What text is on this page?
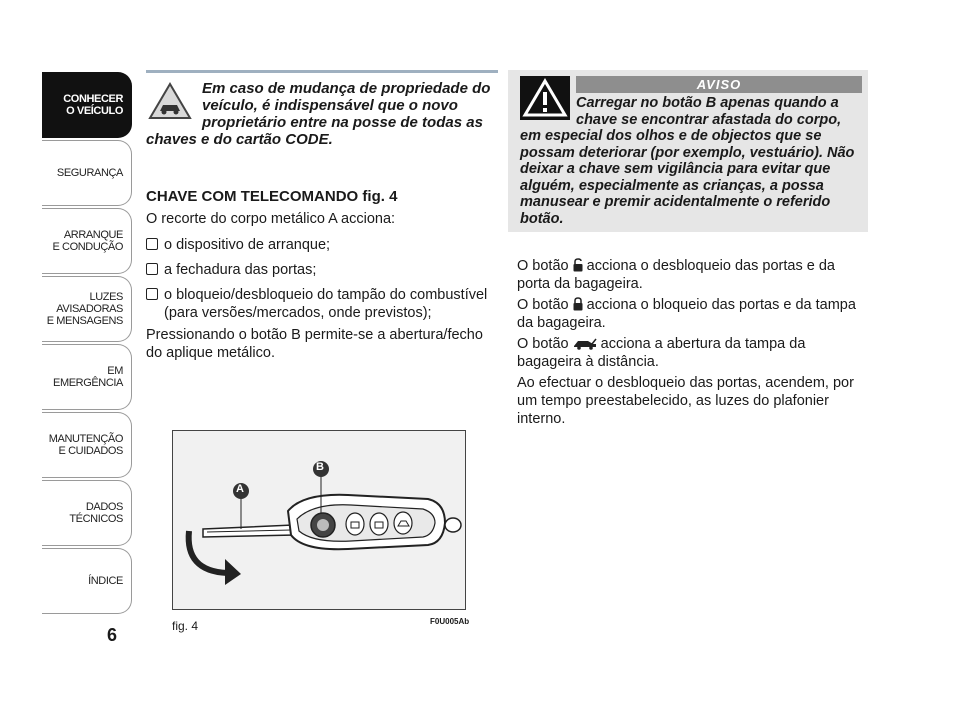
CONHECER
O VEÍCULO
SEGURANÇA
ARRANQUE
E CONDUÇÃO
LUZES
AVISADORAS
E MENSAGENS
EM EMERGÊNCIA
MANUTENÇÃO
E CUIDADOS
DADOS
TÉCNICOS
ÍNDICE
6
Em caso de mudança de propriedade do
veículo, é indispensável que o novo
proprietário entre na posse de todas as
chaves e do cartão CODE.
CHAVE COM TELECOMANDO fig. 4
O recorte do corpo metálico A acciona:
o dispositivo de arranque;
a fechadura das portas;
o bloqueio/desbloqueio do tampão do combustível
(para versões/mercados, onde previstos);
Pressionando o botão B permite-se a abertura/fecho do aplique metálico.
A
B
fig. 4	F0U005Ab
AVISO
Carregar no botão B apenas quando a
chave se encontrar afastada do corpo,
em especial dos olhos e de objectos que se possam deteriorar (por exemplo, vestuário). Não deixar a chave sem vigilância para evitar que alguém, especialmente as crianças, a possa manusear e premir acidentalmente o referido botão.
O botão acciona o desbloqueio das portas e da porta da bagageira.
O botão acciona o bloqueio das portas e da tampa da bagageira.
O botão acciona a abertura da tampa da bagageira à distância.
Ao efectuar o desbloqueio das portas, acendem, por um tempo preestabelecido, as luzes do plafonier interno.
